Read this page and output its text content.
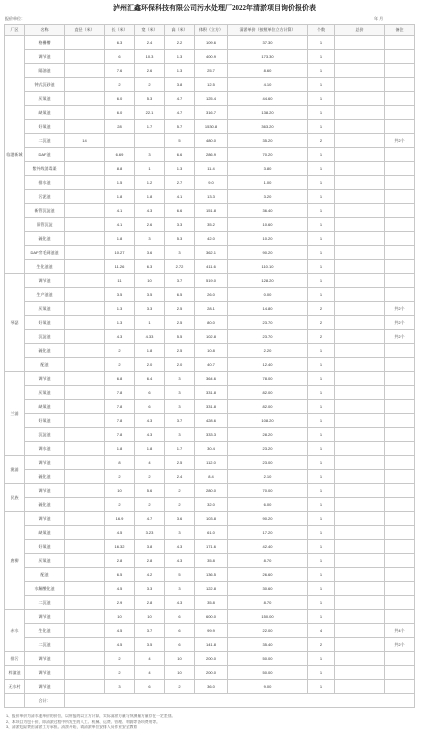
泸州汇鑫环保科技有限公司污水处理厂2022年清淤项目询价报价表
报价单位：	年 月
厂区	名称	直径（米）	长（米）	宽（米）	高（米）	体积（立方）	清淤单价（按照单位立方计算）	个数	总价	备注
临港新城	格栅槽		6.3	2.4	2.2	109.6	37.30	1		
	调节池		6	10.3	1.3	400.9	173.30	1		
	隔油池		7.6	2.6	1.3	25.7	8.60	1		
	钟式沉砂池		2	2	3.8	12.5	4.10	1		
	厌氧池		6.0	5.3	4.7	125.4	44.60	1		
	缺氧池		6.0	22.1	4.7	316.7	138.20	1		
	好氧池		28	1.7	5.7	1530.8	363.20	1		
	二沉池	14			5	480.0	35.20	2		共2个
	DAF池		6.69	3	6.6	286.9	70.20	1		
	紫外线消毒渠		8.8	1	1.3	11.4	3.80	1		
	排水池		1.5	1.2	2.7	9.0	1.00	1		
	污泥池		1.8	1.8	4.1	13.3	3.20	1		
	新管沉淀池		4.1	4.3	6.6	151.8	36.40	1		
	旧管沉淀		4.1	2.6	3.3	35.2	10.60	1		
	硫化池		1.8	3	5.3	42.0	10.20	1		
	DAF旁毛网池池		10.27	3.6	3	362.1	90.20	1		
	生化池池		11.26	6.3	2.72	411.6	110.10	1		
琴瑟	调节池		11	10	3.7	519.0	128.20	1		
	生产池池		3.5	3.5	6.5	26.0	0.00	1		
	厌氧池		1.3	3.3	2.5	28.1	14.80	2		共2个
	好氧池		1.3	1	2.5	80.0	23.70	2		共2个
	沉淀池		4.3	4.33	5.5	102.8	23.70	2		共2个
	硫化池		2	1.8	2.5	10.8	2.20	1		
	配池		2	2.0	2.0	40.7	12.40	1		
兰浦	调节池		6.8	6.4	3	364.6	78.00	1		
	厌氧池		7.8	6	3	331.8	82.00	1		
	缺氧池		7.8	6	3	331.8	82.00	1		
	好氧池		7.8	4.3	3.7	428.6	108.20	1		
	沉淀池		7.8	4.3	3	333.3	28.20	1		
	调水池		1.8	1.8	1.7	30.4	23.20	1		
澳浦	调节池		8	4	2.5	112.0	23.00	1		
	硫化池		2	2	2.4	8.4	2.10	1		
民族	调节池		10	5.6	2	280.0	70.00	1		
	硫化池		2	2	2	32.0	6.00	1		
唐柳	调节池		16.9	4.7	3.6	103.8	90.20	1		
	缺氧池		4.5	3.23	3	61.0	17.20	1		
	好氧池		16.32	3.8	4.3	171.6	42.40	1		
	厌氧池		2.8	2.8	4.3	35.8	8.70	1		
	配池		6.5	4.2	5	136.5	26.60	1		
	水解酸化池		4.5	3.3	3	122.8	30.60	1		
	二沉池		2.9	2.8	4.3	35.8	8.70	1		
赤水	调节池		10	10	6	600.0	150.00	1		
	生化池		4.5	3.7	6	99.9	22.00	4		共4个
	二沉池		4.5	3.5	6	141.8	35.40	2		共2个
排污	调节池		2	4	10	200.0	50.00	1		
梓潼池	调节池		2	4	10	200.0	50.00	1		
无水村	调节池		3	6	2	36.0	9.00	1		
	合计：									
1、报价单价为清水池单价的价位，以所报的以立方计算，实际清淤方量与须测量方量存在一定差别。
2、本项目为包干价，即清淤过程中所发生的人工、机械、运费、管理、利润等各项费用等。
3、清淤危险费由清淤工方承担。清淤开始，请清淤单位安排人员作业安全教育
